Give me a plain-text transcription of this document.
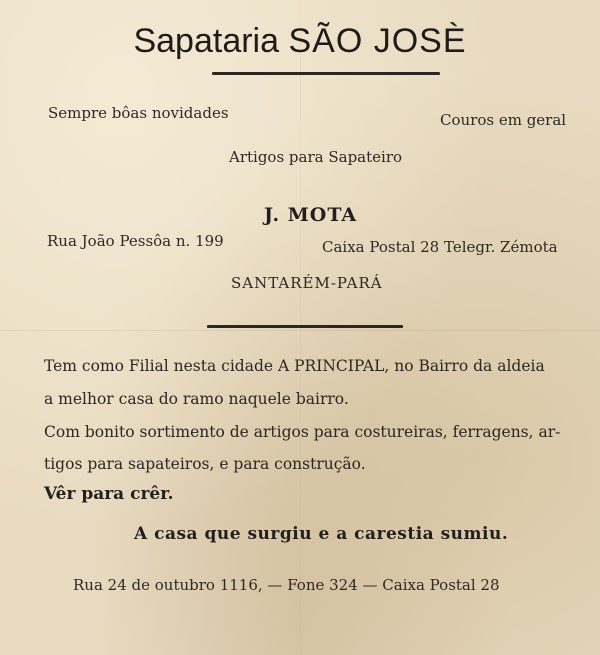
Sapataria SÃO JOSÈ
Sempre bôas novidades	Couros em geral
Artigos para Sapateiro
J. MOTA
Rua João Pessôa n. 199	Caixa Postal 28 Telegr. Zémota
SANTARÉM-PARÁ
Tem como Filial nesta cidade A PRINCIPAL, no Bairro da aldeia
a melhor casa do ramo naquele bairro.
Com bonito sortimento de artigos para costureiras, ferragens, ar-
tigos para sapateiros, e para construção.
Vêr para crêr.
A casa que surgiu e a carestia sumiu.
Rua 24 de outubro 1116, — Fone 324 — Caixa Postal 28
